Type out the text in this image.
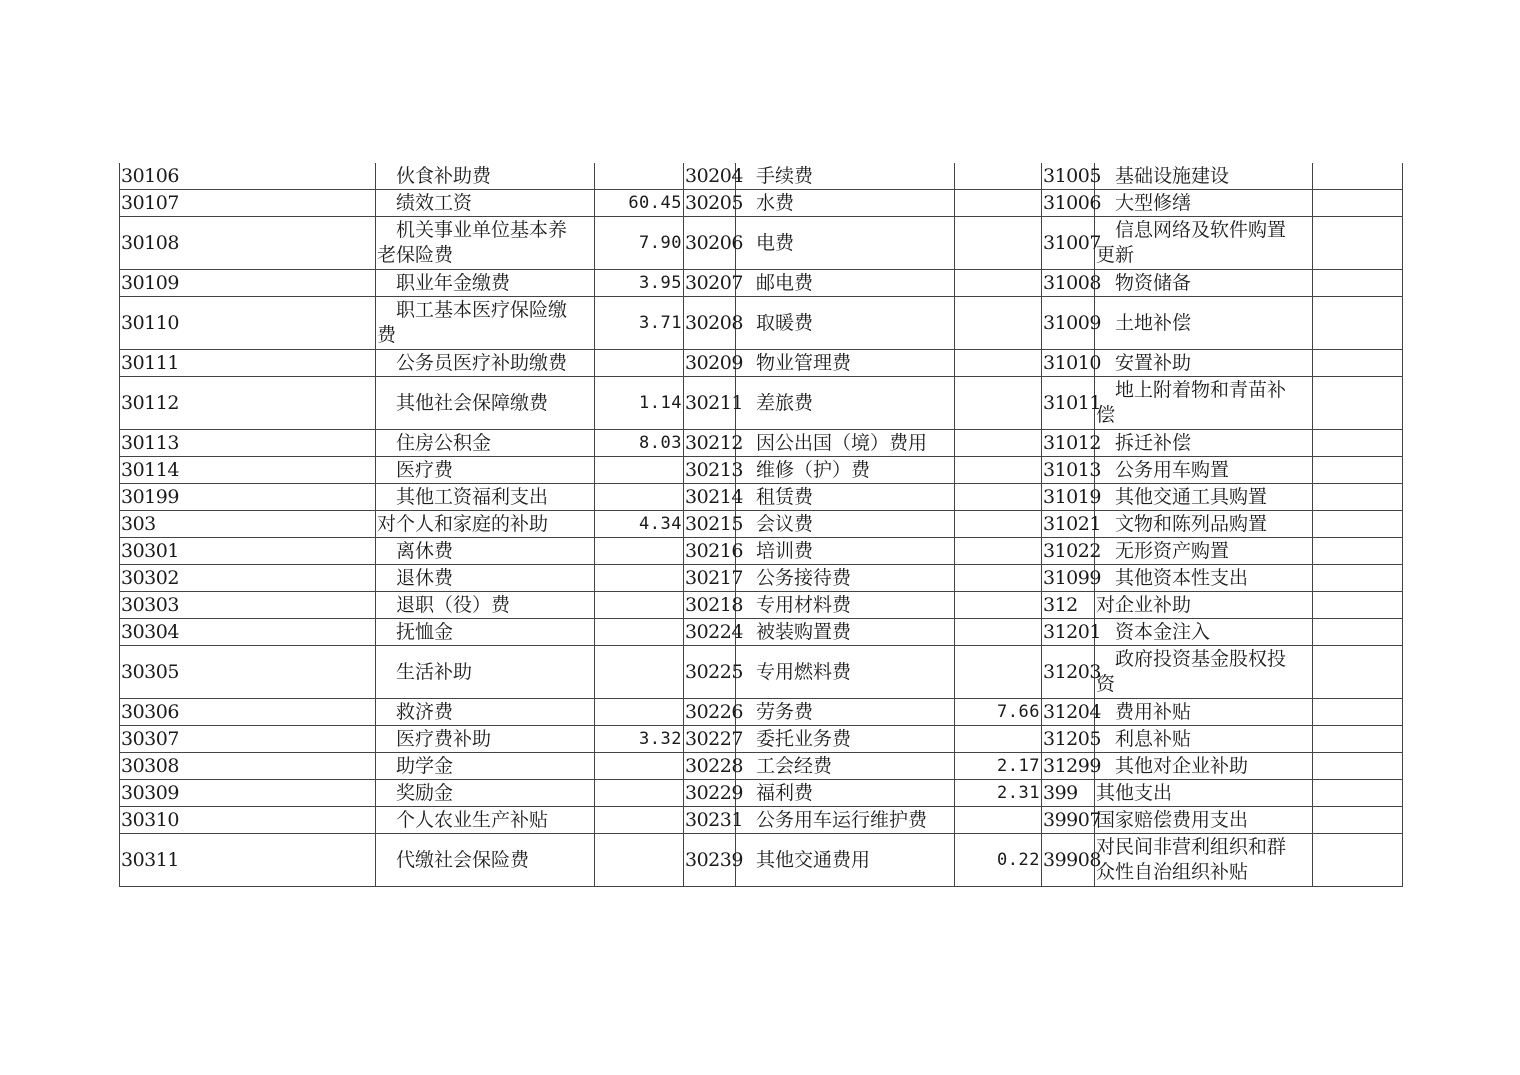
30106	伙食补助费		30204	手续费		31005	基础设施建设	
30107	绩效工资	60.45	30205	水费		31006	大型修缮	
30108	机关事业单位基本养
老保险费	7.90	30206	电费		31007	信息网络及软件购置
更新	

30109	职业年金缴费	3.95	30207	邮电费		31008	物资储备	
30110	职工基本医疗保险缴
费	3.71	30208	取暖费		31009	土地补偿	
30111	公务员医疗补助缴费		30209	物业管理费		31010	安置补助	
30112	其他社会保障缴费	1.14	30211	差旅费		31011	地上附着物和青苗补
偿	

30113	住房公积金	8.03	30212	因公出国（境）费用		31012	拆迁补偿	
30114	医疗费		30213	维修（护）费		31013	公务用车购置	
30199	其他工资福利支出		30214	租赁费		31019	其他交通工具购置	
303	对个人和家庭的补助	4.34	30215	会议费		31021	文物和陈列品购置	
30301	离休费		30216	培训费		31022	无形资产购置	
30302	退休费		30217	公务接待费		31099	其他资本性支出	
30303	退职（役）费		30218	专用材料费		312	对企业补助	
30304	抚恤金		30224	被装购置费		31201	资本金注入	
30305	生活补助		30225	专用燃料费		31203	政府投资基金股权投
资	

30306	救济费		30226	劳务费	7.66	31204	费用补贴	
30307	医疗费补助	3.32	30227	委托业务费		31205	利息补贴	
30308	助学金		30228	工会经费	2.17	31299	其他对企业补助	
30309	奖励金		30229	福利费	2.31	399	其他支出	
30310	个人农业生产补贴		30231	公务用车运行维护费		39907	国家赔偿费用支出	
30311	代缴社会保险费		30239	其他交通费用	0.22	39908	对民间非营利组织和群
众性自治组织补贴	
